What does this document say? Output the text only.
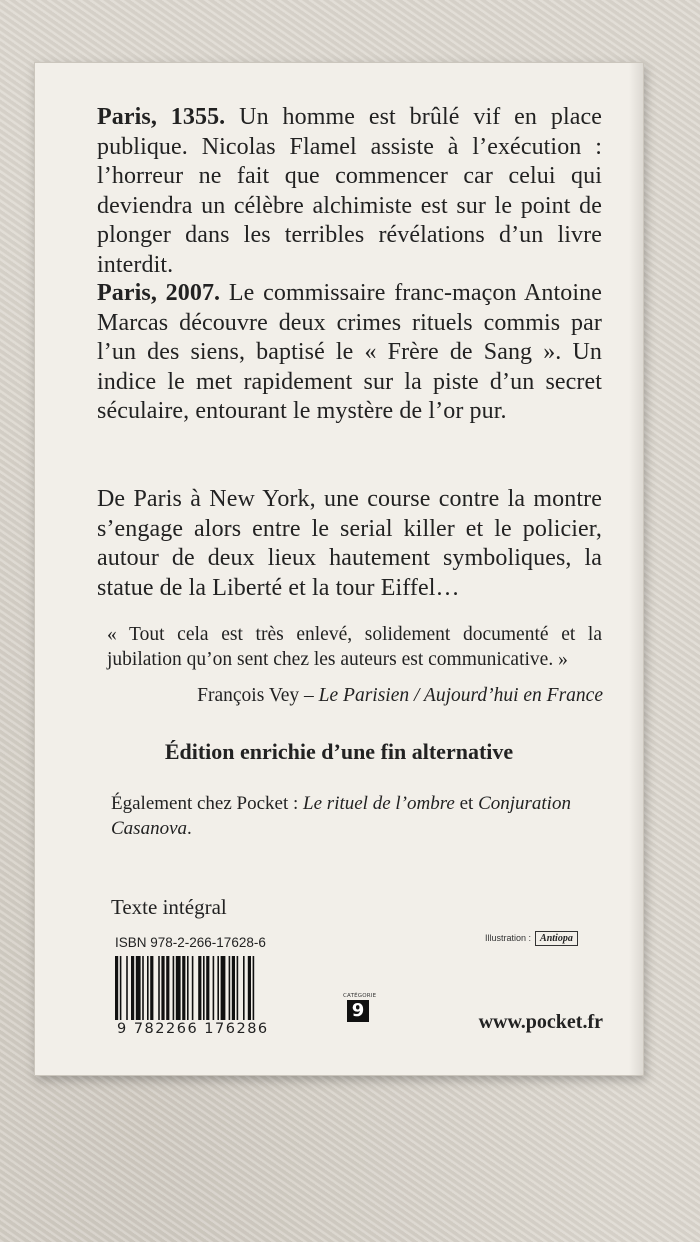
Paris, 1355. Un homme est brûlé vif en place publique. Nicolas Flamel assiste à l’exécution : l’horreur ne fait que commencer car celui qui deviendra un célèbre alchimiste est sur le point de plonger dans les terribles révélations d’un livre interdit.

Paris, 2007. Le commissaire franc-maçon Antoine Marcas découvre deux crimes rituels commis par l’un des siens, baptisé le « Frère de Sang ». Un indice le met rapidement sur la piste d’un secret séculaire, entourant le mystère de l’or pur.

De Paris à New York, une course contre la montre s’engage alors entre le serial killer et le policier, autour de deux lieux hautement symboliques, la statue de la Liberté et la tour Eiffel…

« Tout cela est très enlevé, solidement documenté et la jubilation qu’on sent chez les auteurs est communicative. »

François Vey – Le Parisien / Aujourd’hui en France
Édition enrichie d’une fin alternative
Également chez Pocket : Le rituel de l’ombre et Conjuration Casanova.
Texte intégral
ISBN 978-2-266-17628-6
9 782266 176286
CATÉGORIE
9
Illustration : Antiopa
www.pocket.fr
